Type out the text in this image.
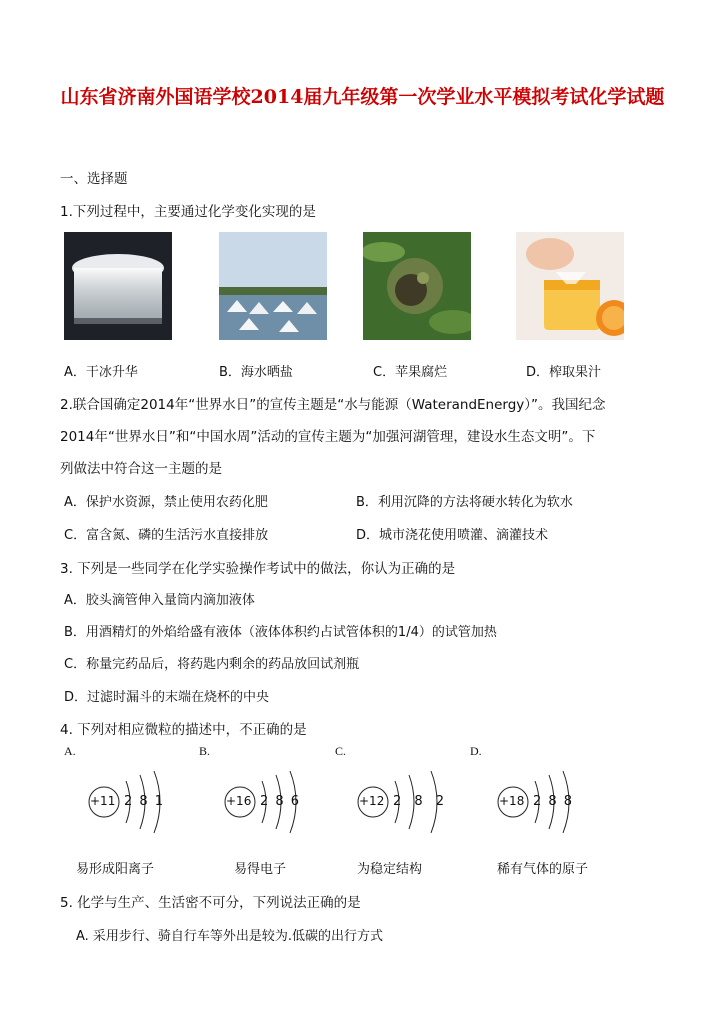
山东省济南外国语学校2014届九年级第一次学业水平模拟考试化学试题
一、选择题
1.下列过程中，主要通过化学变化实现的是
A．干冰升华	B．海水晒盐	C．苹果腐烂	D．榨取果汁
2.联合国确定2014年“世界水日”的宣传主题是“水与能源（WaterandEnergy）”。我国纪念
2014年“世界水日”和“中国水周”活动的宣传主题为“加强河湖管理，建设水生态文明”。下
列做法中符合这一主题的是
A．保护水资源，禁止使用农药化肥	B．利用沉降的方法将硬水转化为软水
C．富含氮、磷的生活污水直接排放	D．城市浇花使用喷灌、滴灌技术
3. 下列是一些同学在化学实验操作考试中的做法，你认为正确的是
A．胶头滴管伸入量筒内滴加液体
B．用酒精灯的外焰给盛有液体（液体体积约占试管体积的1/4）的试管加热
C．称量完药品后，将药匙内剩余的药品放回试剂瓶
D．过滤时漏斗的末端在烧杯的中央
4. 下列对相应微粒的描述中，不正确的是
A.	B.	C.	D.
+11 2 8 1	+16 2 8 6	+12 2 8 2	+18 2 8 8
易形成阳离子	易得电子	为稳定结构	稀有气体的原子
5. 化学与生产、生活密不可分，下列说法正确的是
A. 采用步行、骑自行车等外出是较为.低碳的出行方式
